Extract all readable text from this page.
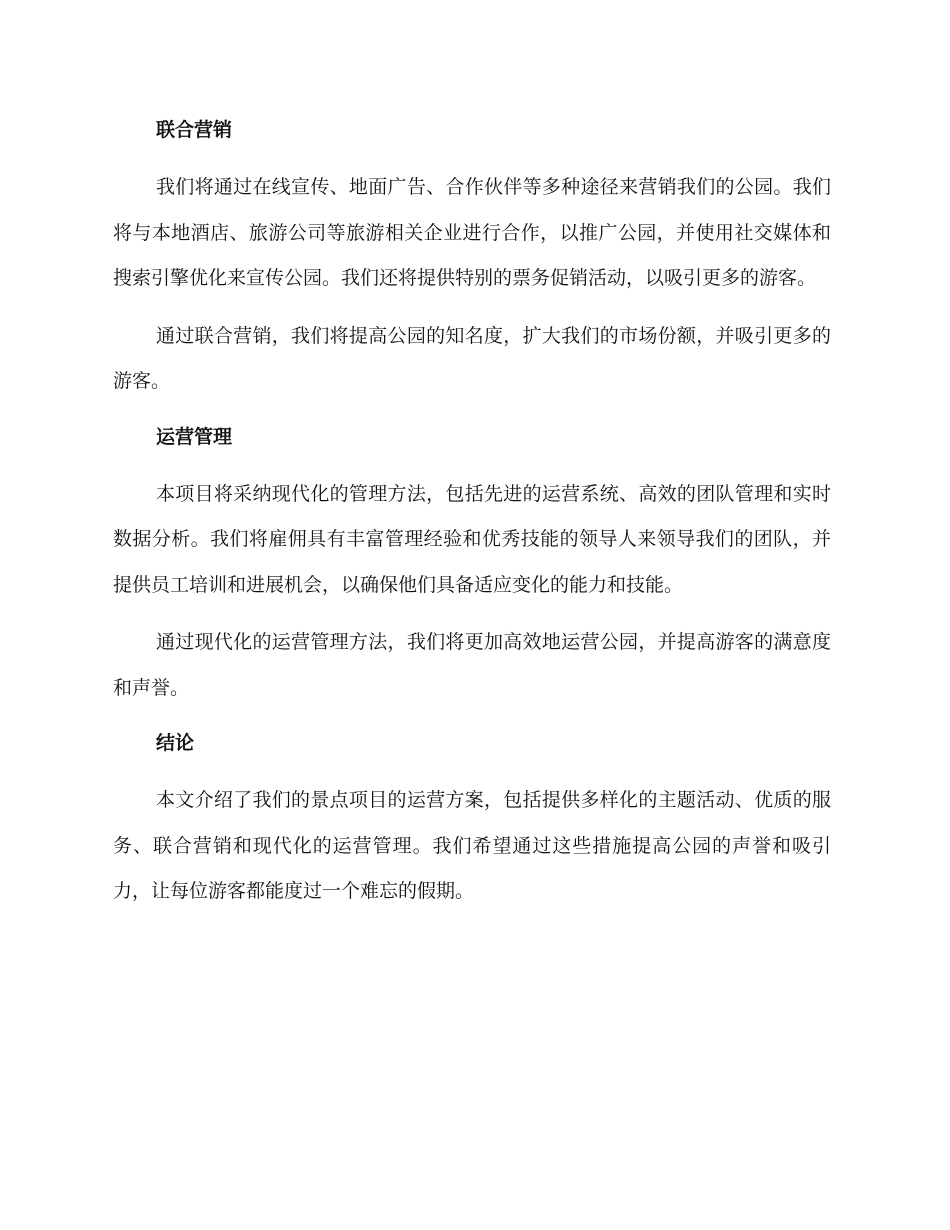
联合营销

我们将通过在线宣传、地面广告、合作伙伴等多种途径来营销我们的公园。我们将与本地酒店、旅游公司等旅游相关企业进行合作，以推广公园，并使用社交媒体和搜索引擎优化来宣传公园。我们还将提供特别的票务促销活动，以吸引更多的游客。

通过联合营销，我们将提高公园的知名度，扩大我们的市场份额，并吸引更多的游客。

运营管理

本项目将采纳现代化的管理方法，包括先进的运营系统、高效的团队管理和实时数据分析。我们将雇佣具有丰富管理经验和优秀技能的领导人来领导我们的团队，并提供员工培训和进展机会，以确保他们具备适应变化的能力和技能。

通过现代化的运营管理方法，我们将更加高效地运营公园，并提高游客的满意度和声誉。

结论

本文介绍了我们的景点项目的运营方案，包括提供多样化的主题活动、优质的服务、联合营销和现代化的运营管理。我们希望通过这些措施提高公园的声誉和吸引力，让每位游客都能度过一个难忘的假期。
